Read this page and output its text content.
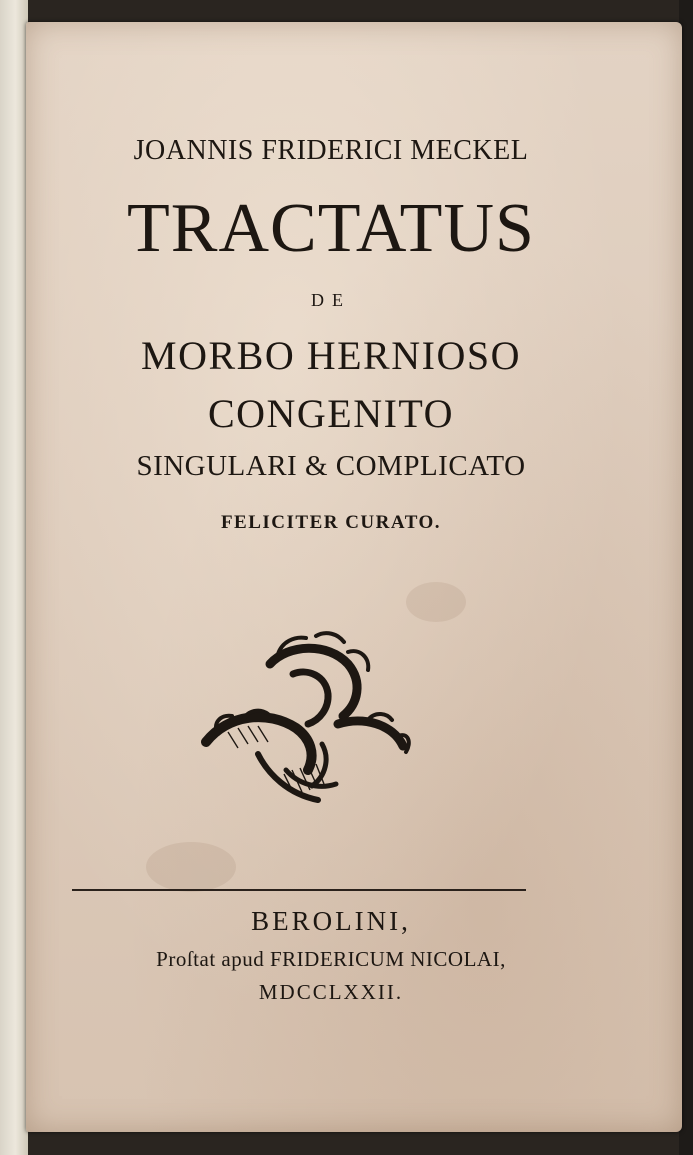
JOANNIS FRIDERICI MECKEL
TRACTATUS
DE
MORBO HERNIOSO
CONGENITO
SINGULARI & COMPLICATO
FELICITER CURATO.
BEROLINI,
Proſtat apud FRIDERICUM NICOLAI,
MDCCLXXII.
